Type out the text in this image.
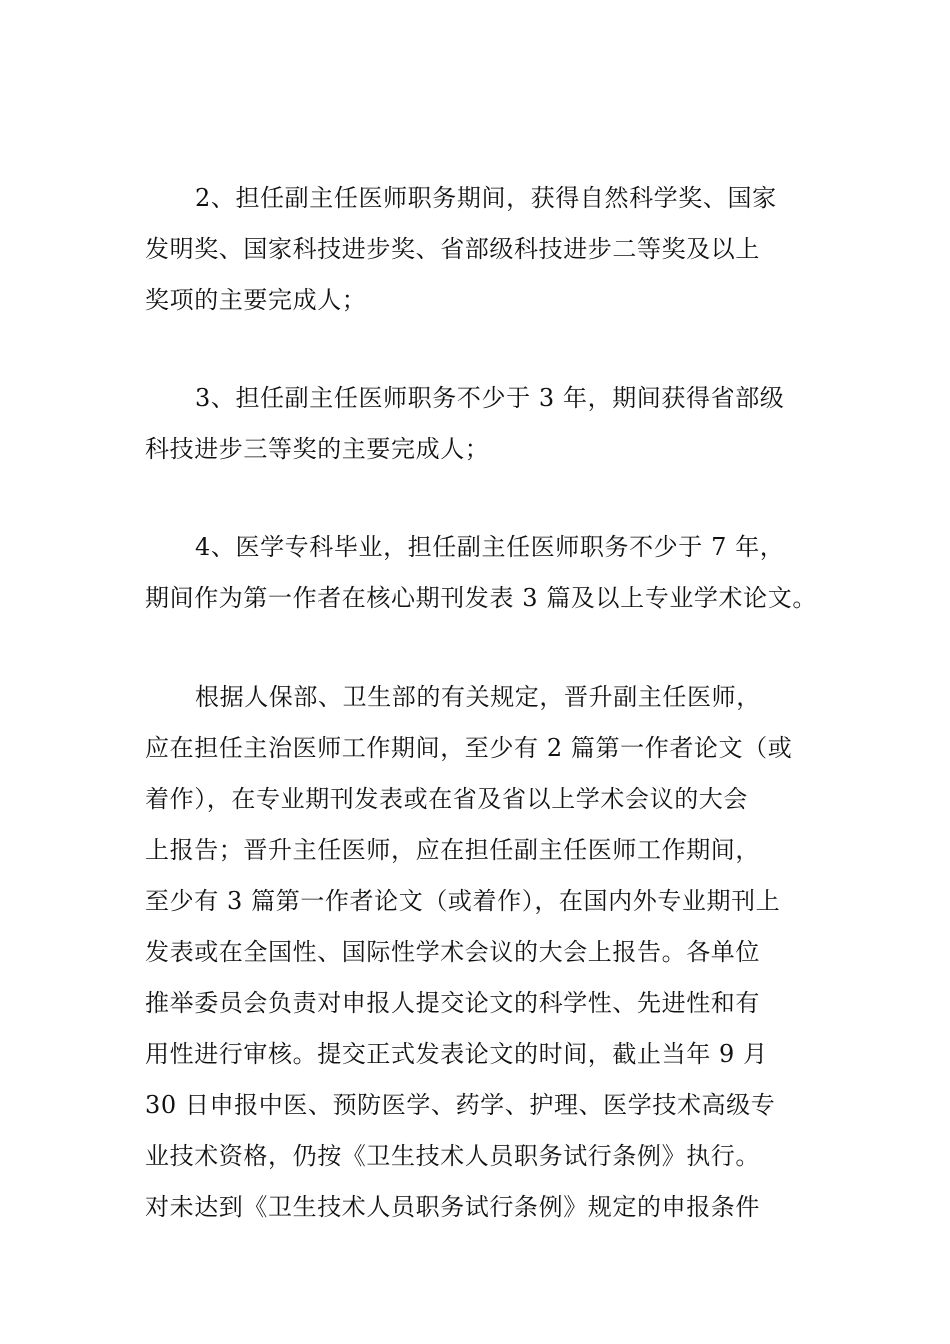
2、担任副主任医师职务期间，获得自然科学奖、国家
发明奖、国家科技进步奖、省部级科技进步二等奖及以上
奖项的主要完成人；
3、担任副主任医师职务不少于 3 年，期间获得省部级
科技进步三等奖的主要完成人；
4、医学专科毕业，担任副主任医师职务不少于 7 年，
期间作为第一作者在核心期刊发表 3 篇及以上专业学术论文。
根据人保部、卫生部的有关规定，晋升副主任医师，
应在担任主治医师工作期间，至少有 2 篇第一作者论文（或
着作），在专业期刊发表或在省及省以上学术会议的大会
上报告；晋升主任医师，应在担任副主任医师工作期间，
至少有 3 篇第一作者论文（或着作），在国内外专业期刊上
发表或在全国性、国际性学术会议的大会上报告。各单位
推举委员会负责对申报人提交论文的科学性、先进性和有
用性进行审核。提交正式发表论文的时间，截止当年 9 月
30 日申报中医、预防医学、药学、护理、医学技术高级专
业技术资格，仍按《卫生技术人员职务试行条例》执行。
对未达到《卫生技术人员职务试行条例》规定的申报条件
